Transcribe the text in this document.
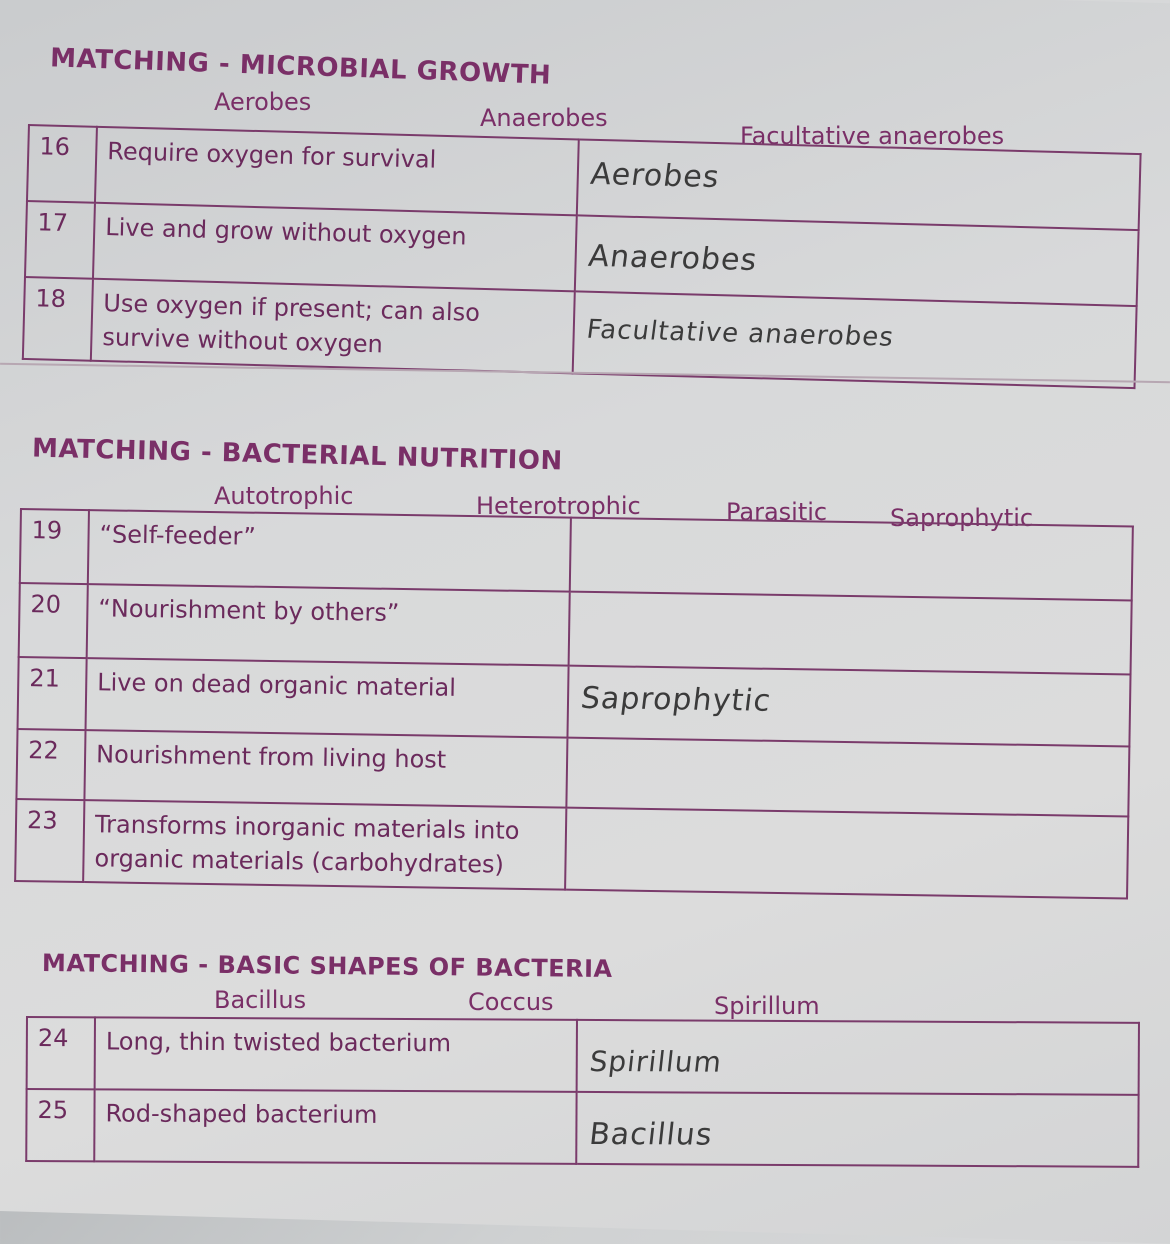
MATCHING - MICROBIAL GROWTH
Aerobes
Anaerobes
Facultative anaerobes
16	Require oxygen for survival	Aerobes

17	Live and grow without oxygen	Anaerobes

18	Use oxygen if present; can also survive without oxygen	Facultative anaerobes
MATCHING - BACTERIAL NUTRITION
Autotrophic	Heterotrophic	Parasitic	Saprophytic
19	“Self-feeder”	

20	“Nourishment by others”	

21	Live on dead organic material	Saprophytic

22	Nourishment from living host	

23	Transforms inorganic materials into organic materials (carbohydrates)	
MATCHING - BASIC SHAPES OF BACTERIA
Bacillus	Coccus	Spirillum
24	Long, thin twisted bacterium	Spirillum

25	Rod-shaped bacterium	Bacillus
